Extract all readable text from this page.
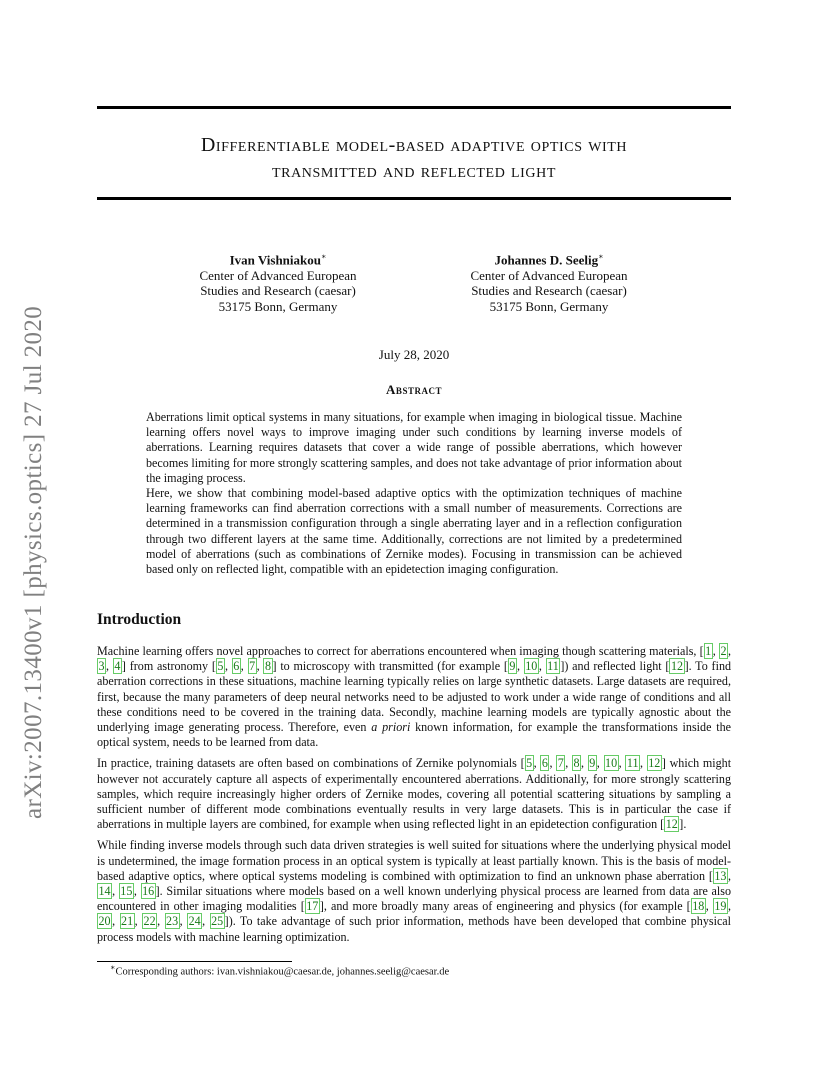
arXiv:2007.13400v1 [physics.optics] 27 Jul 2020
Differentiable model-based adaptive optics with
transmitted and reflected light
Ivan Vishniakou∗
Center of Advanced European
Studies and Research (caesar)
53175 Bonn, Germany
Johannes D. Seelig∗
Center of Advanced European
Studies and Research (caesar)
53175 Bonn, Germany
July 28, 2020
Abstract

Aberrations limit optical systems in many situations, for example when imaging in biological tissue. Machine learning offers novel ways to improve imaging under such conditions by learning inverse models of aberrations. Learning requires datasets that cover a wide range of possible aberrations, which however becomes limiting for more strongly scattering samples, and does not take advantage of prior information about the imaging process.

Here, we show that combining model-based adaptive optics with the optimization techniques of machine learning frameworks can find aberration corrections with a small number of measurements. Corrections are determined in a transmission configuration through a single aberrating layer and in a reflection configuration through two different layers at the same time. Additionally, corrections are not limited by a predetermined model of aberrations (such as combinations of Zernike modes). Focusing in transmission can be achieved based only on reflected light, compatible with an epidetection imaging configuration.

Introduction

Machine learning offers novel approaches to correct for aberrations encountered when imaging though scattering materials, [ 1 , 2 , 3 , 4 ] from astronomy [ 5 , 6 , 7 , 8 ] to microscopy with transmitted (for example [ 9 , 10 , 11 ]) and reflected light [ 12 ]. To find aberration corrections in these situations, machine learning typically relies on large synthetic datasets. Large datasets are required, first, because the many parameters of deep neural networks need to be adjusted to work under a wide range of conditions and all these conditions need to be covered in the training data. Secondly, machine learning models are typically agnostic about the underlying image generating process. Therefore, even a priori known information, for example the transformations inside the optical system, needs to be learned from data.

In practice, training datasets are often based on combinations of Zernike polynomials [ 5 , 6 , 7 , 8 , 9 , 10 , 11 , 12 ] which might however not accurately capture all aspects of experimentally encountered aberrations. Additionally, for more strongly scattering samples, which require increasingly higher orders of Zernike modes, covering all potential scattering situations by sampling a sufficient number of different mode combinations eventually results in very large datasets. This is in particular the case if aberrations in multiple layers are combined, for example when using reflected light in an epidetection configuration [ 12 ].

While finding inverse models through such data driven strategies is well suited for situations where the underlying physical model is undetermined, the image formation process in an optical system is typically at least partially known. This is the basis of model-based adaptive optics, where optical systems modeling is combined with optimization to find an unknown phase aberration [ 13 , 14 , 15 , 16 ]. Similar situations where models based on a well known underlying physical process are learned from data are also encountered in other imaging modalities [ 17 ], and more broadly many areas of engineering and physics (for example [ 18 , 19 , 20 , 21 , 22 , 23 , 24 , 25 ]). To take advantage of such prior information, methods have been developed that combine physical process models with machine learning optimization.

∗Corresponding authors: ivan.vishniakou@caesar.de, johannes.seelig@caesar.de
